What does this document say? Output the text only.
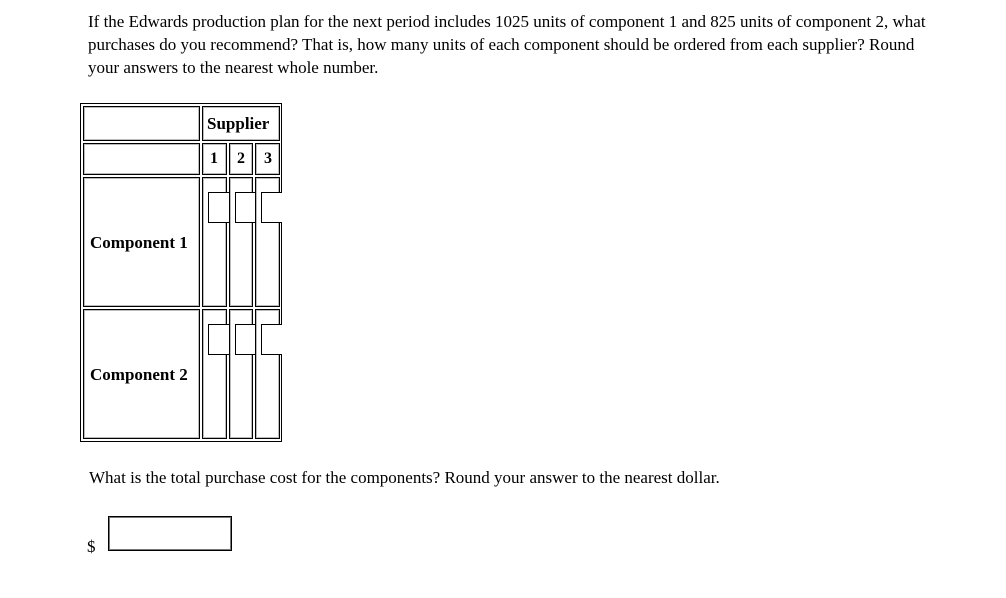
If the Edwards production plan for the next period includes 1025 units of component 1 and 825 units of component 2, what purchases do you recommend? That is, how many units of each component should be ordered from each supplier? Round your answers to the nearest whole number.

Supplier
1	2	3
Component 1
Component 2

What is the total purchase cost for the components? Round your answer to the nearest dollar.

$
